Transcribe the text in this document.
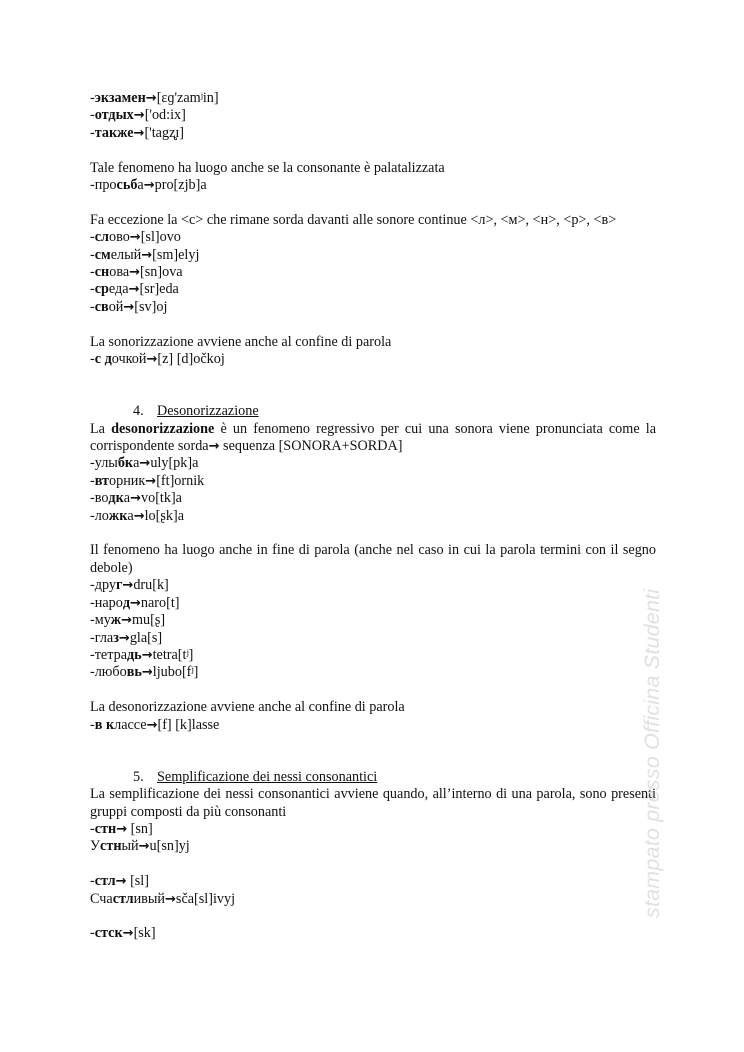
-экзамен→[ɛɡ'zamʲin]
-отдых→['od:ix]
-также→['tagʐ̥ɪ]
Tale fenomeno ha luogo anche se la consonante è palatalizzata
-просьба→pro[zjb]a
Fa eccezione la <c> che rimane sorda davanti alle sonore continue <л>, <м>, <н>, <р>, <в>
-слово→[sl]ovo
-смелый→[sm]elyj
-снова→[sn]ova
-среда→[sr]eda
-свой→[sv]oj
La sonorizzazione avviene anche al confine di parola
-с дочкой→[z] [d]očkoj
4. Desonorizzazione
La desonorizzazione è un fenomeno regressivo per cui una sonora viene pronunciata come la corrispondente sorda→ sequenza [SONORA+SORDA]
-улыбка→uly[pk]a
-вторник→[ft]ornik
-водка→vo[tk]a
-ложка→lo[ʂk]a
Il fenomeno ha luogo anche in fine di parola (anche nel caso in cui la parola termini con il segno debole)
-друг→dru[k]
-народ→naro[t]
-муж→mu[ʂ]
-глаз→gla[s]
-тетрадь→tetra[tʲ]
-любовь→ljubo[fʲ]
La desonorizzazione avviene anche al confine di parola
-в классе→[f] [k]lasse
5. Semplificazione dei nessi consonantici
La semplificazione dei nessi consonantici avviene quando, all’interno di una parola, sono presenti gruppi composti da più consonanti
-стн→ [sn]
Устный→u[sn]yj
-стл→ [sl]
Счастливый→sča[sl]ivyj
-стск→[sk]
stampato presso Officina Studenti
